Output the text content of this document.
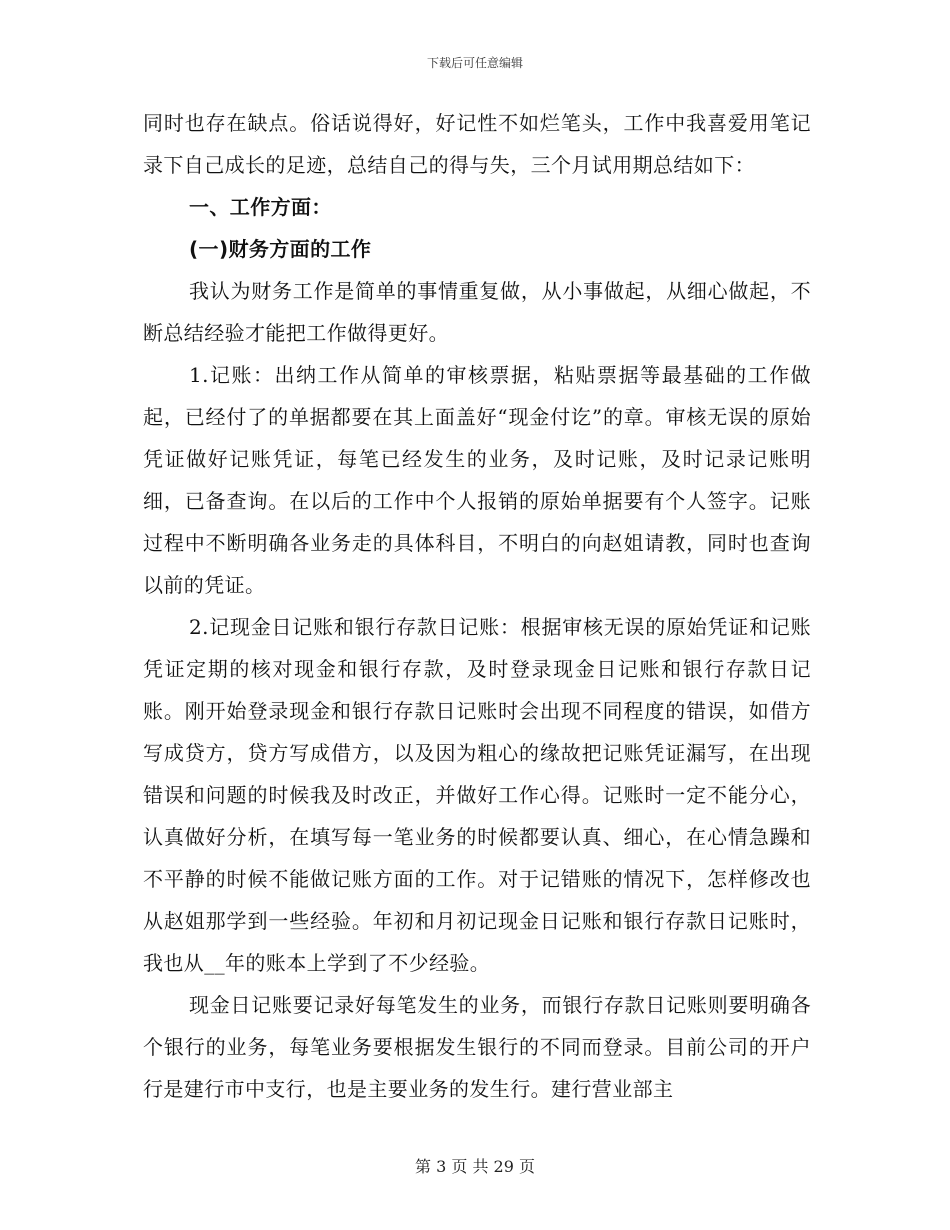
下载后可任意编辑

同时也存在缺点。俗话说得好，好记性不如烂笔头，工作中我喜爱用笔记录下自己成长的足迹，总结自己的得与失，三个月试用期总结如下：

一、工作方面：

(一)财务方面的工作

我认为财务工作是简单的事情重复做，从小事做起，从细心做起，不断总结经验才能把工作做得更好。

1.记账：出纳工作从简单的审核票据，粘贴票据等最基础的工作做起，已经付了的单据都要在其上面盖好“现金付讫”的章。审核无误的原始凭证做好记账凭证，每笔已经发生的业务，及时记账，及时记录记账明细，已备查询。在以后的工作中个人报销的原始单据要有个人签字。记账过程中不断明确各业务走的具体科目，不明白的向赵姐请教，同时也查询以前的凭证。

2.记现金日记账和银行存款日记账：根据审核无误的原始凭证和记账凭证定期的核对现金和银行存款，及时登录现金日记账和银行存款日记账。刚开始登录现金和银行存款日记账时会出现不同程度的错误，如借方写成贷方，贷方写成借方，以及因为粗心的缘故把记账凭证漏写，在出现错误和问题的时候我及时改正，并做好工作心得。记账时一定不能分心，认真做好分析，在填写每一笔业务的时候都要认真、细心，在心情急躁和不平静的时候不能做记账方面的工作。对于记错账的情况下，怎样修改也从赵姐那学到一些经验。年初和月初记现金日记账和银行存款日记账时，我也从__年的账本上学到了不少经验。

现金日记账要记录好每笔发生的业务，而银行存款日记账则要明确各个银行的业务，每笔业务要根据发生银行的不同而登录。目前公司的开户行是建行市中支行，也是主要业务的发生行。建行营业部主

第 3 页 共 29 页
